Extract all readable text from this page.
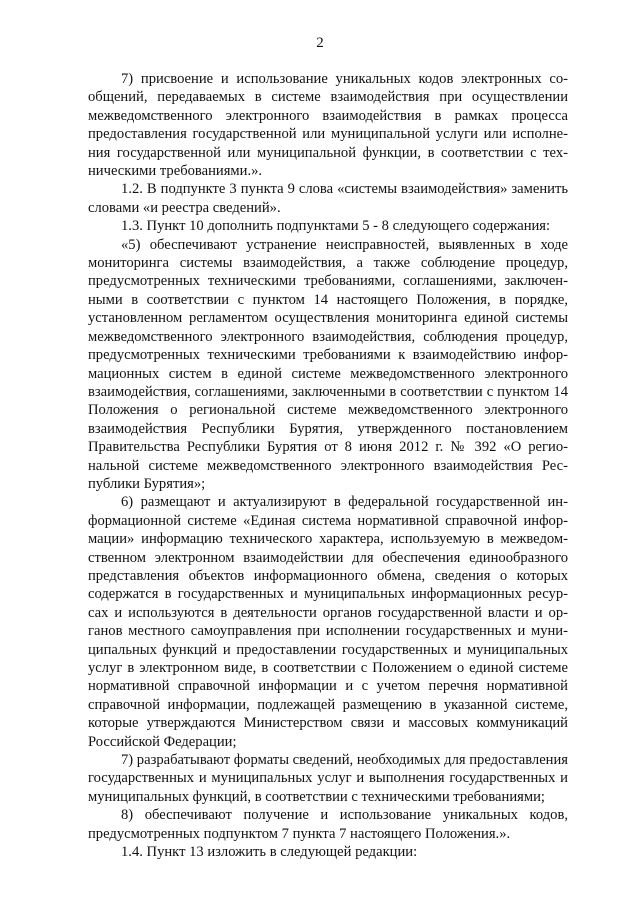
2

7) присвоение и использование уникальных кодов электронных сообщений, передаваемых в системе взаимодействия при осуществлении межведомственного электронного взаимодействия в рамках процесса предоставления государственной или муниципальной услуги или исполнения государственной или муниципальной функции, в соответствии с техническими требованиями.».

1.2. В подпункте 3 пункта 9 слова «системы взаимодействия» заменить словами «и реестра сведений».

1.3. Пункт 10 дополнить подпунктами 5 - 8 следующего содержания:

«5) обеспечивают устранение неисправностей, выявленных в ходе мониторинга системы взаимодействия, а также соблюдение процедур, предусмотренных техническими требованиями, соглашениями, заключенными в соответствии с пунктом 14 настоящего Положения, в порядке, установленном регламентом осуществления мониторинга единой системы межведомственного электронного взаимодействия, соблюдения процедур, предусмотренных техническими требованиями к взаимодействию информационных систем в единой системе межведомственного электронного взаимодействия, соглашениями, заключенными в соответствии с пунктом 14 Положения о региональной системе межведомственного электронного взаимодействия Республики Бурятия, утвержденного постановлением Правительства Республики Бурятия от 8 июня 2012 г. № 392 «О региональной системе межведомственного электронного взаимодействия Республики Бурятия»;

6) размещают и актуализируют в федеральной государственной информационной системе «Единая система нормативной справочной информации» информацию технического характера, используемую в межведомственном электронном взаимодействии для обеспечения единообразного представления объектов информационного обмена, сведения о которых содержатся в государственных и муниципальных информационных ресурсах и используются в деятельности органов государственной власти и органов местного самоуправления при исполнении государственных и муниципальных функций и предоставлении государственных и муниципальных услуг в электронном виде, в соответствии с Положением о единой системе нормативной справочной информации и с учетом перечня нормативной справочной информации, подлежащей размещению в указанной системе, которые утверждаются Министерством связи и массовых коммуникаций Российской Федерации;

7) разрабатывают форматы сведений, необходимых для предоставления государственных и муниципальных услуг и выполнения государственных и муниципальных функций, в соответствии с техническими требованиями;

8) обеспечивают получение и использование уникальных кодов, предусмотренных подпунктом 7 пункта 7 настоящего Положения.».

1.4. Пункт 13 изложить в следующей редакции:
